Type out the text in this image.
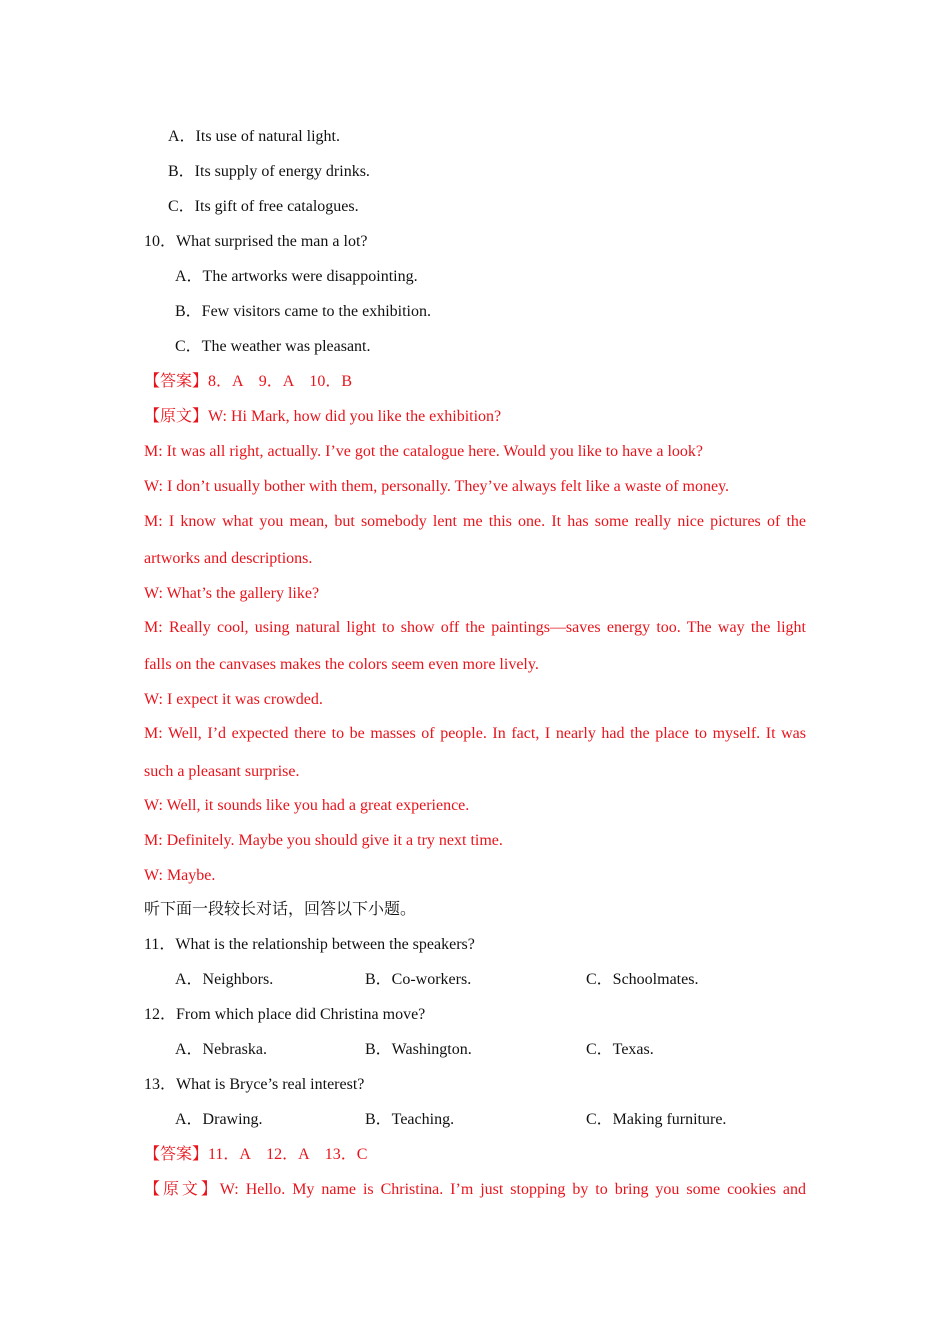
A．Its use of natural light.
B．Its supply of energy drinks.
C．Its gift of free catalogues.
10．What surprised the man a lot?
A．The artworks were disappointing.
B．Few visitors came to the exhibition.
C．The weather was pleasant.
【答案】8．A　9．A　10．B
【原文】W: Hi Mark, how did you like the exhibition?
M: It was all right, actually. I’ve got the catalogue here. Would you like to have a look?
W: I don’t usually bother with them, personally. They’ve always felt like a waste of money.
M: I know what you mean, but somebody lent me this one. It has some really nice pictures of the
artworks and descriptions.
W: What’s the gallery like?
M: Really cool, using natural light to show off the paintings—saves energy too. The way the light
falls on the canvases makes the colors seem even more lively.
W: I expect it was crowded.
M: Well, I’d expected there to be masses of people. In fact, I nearly had the place to myself. It was
such a pleasant surprise.
W: Well, it sounds like you had a great experience.
M: Definitely. Maybe you should give it a try next time.
W: Maybe.
听下面一段较长对话，回答以下小题。
11．What is the relationship between the speakers?
A．Neighbors.	B．Co-workers.	C．Schoolmates.
12．From which place did Christina move?
A．Nebraska.	B．Washington.	C．Texas.
13．What is Bryce’s real interest?
A．Drawing.	B．Teaching.	C．Making furniture.
【答案】11．A　12．A　13．C
【原文】W: Hello. My name is Christina. I’m just stopping by to bring you some cookies and
